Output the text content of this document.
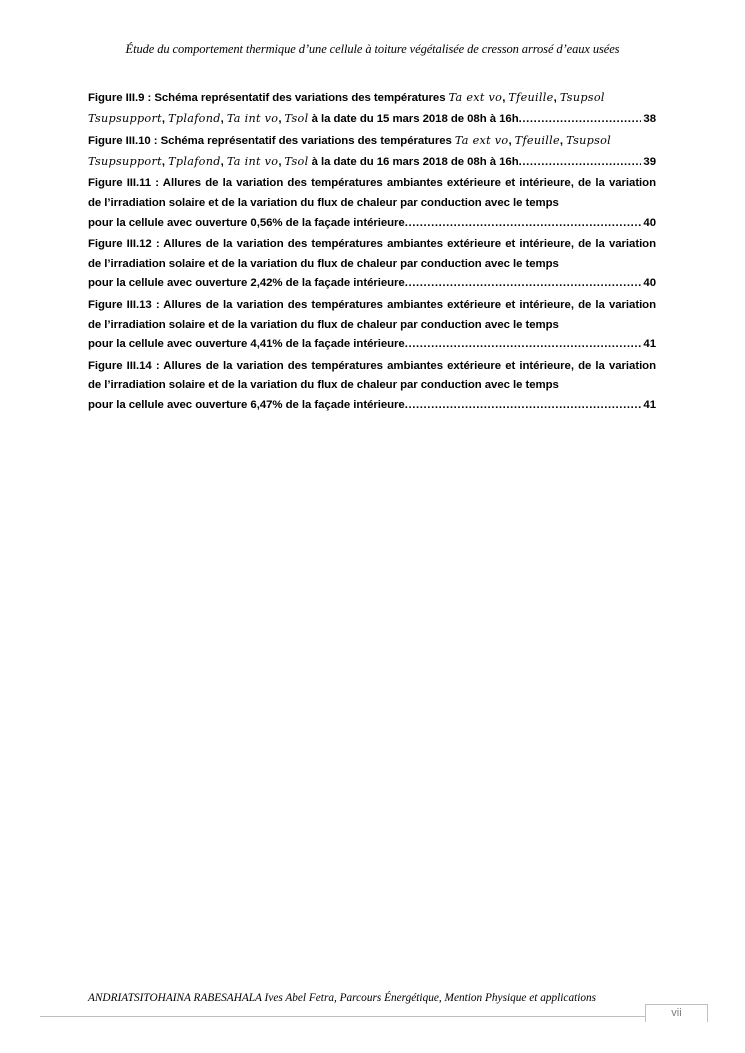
Étude du comportement thermique d’une cellule à toiture végétalisée de cresson arrosé d’eaux usées
Figure III.9 : Schéma représentatif des variations des températures Ta ext vo, Tfeuille, Tsupsol
Tsupsupport, Tplafond, Ta int vo, Tsol à la date du 15 mars 2018 de 08h à 16h .....	38
Figure III.10 : Schéma représentatif des variations des températures Ta ext vo, Tfeuille, Tsupsol
Tsupsupport, Tplafond, Ta int vo, Tsol à la date du 16 mars 2018 de 08h à 16h .....	39
Figure III.11 : Allures de la variation des températures ambiantes extérieure et intérieure, de la variation de l’irradiation solaire et de la variation du flux de chaleur par conduction avec le temps
pour la cellule avec ouverture 0,56% de la façade intérieure .....	40
Figure III.12 : Allures de la variation des températures ambiantes extérieure et intérieure, de la variation de l’irradiation solaire et de la variation du flux de chaleur par conduction avec le temps
pour la cellule avec ouverture 2,42% de la façade intérieure .....	40
Figure III.13 : Allures de la variation des températures ambiantes extérieure et intérieure, de la variation de l’irradiation solaire et de la variation du flux de chaleur par conduction avec le temps
pour la cellule avec ouverture 4,41% de la façade intérieure .....	41
Figure III.14 : Allures de la variation des températures ambiantes extérieure et intérieure, de la variation de l’irradiation solaire et de la variation du flux de chaleur par conduction avec le temps
pour la cellule avec ouverture 6,47% de la façade intérieure .....	41
ANDRIATSITOHAINA RABESAHALA Ives Abel Fetra, Parcours Énergétique, Mention Physique et applications
vii
